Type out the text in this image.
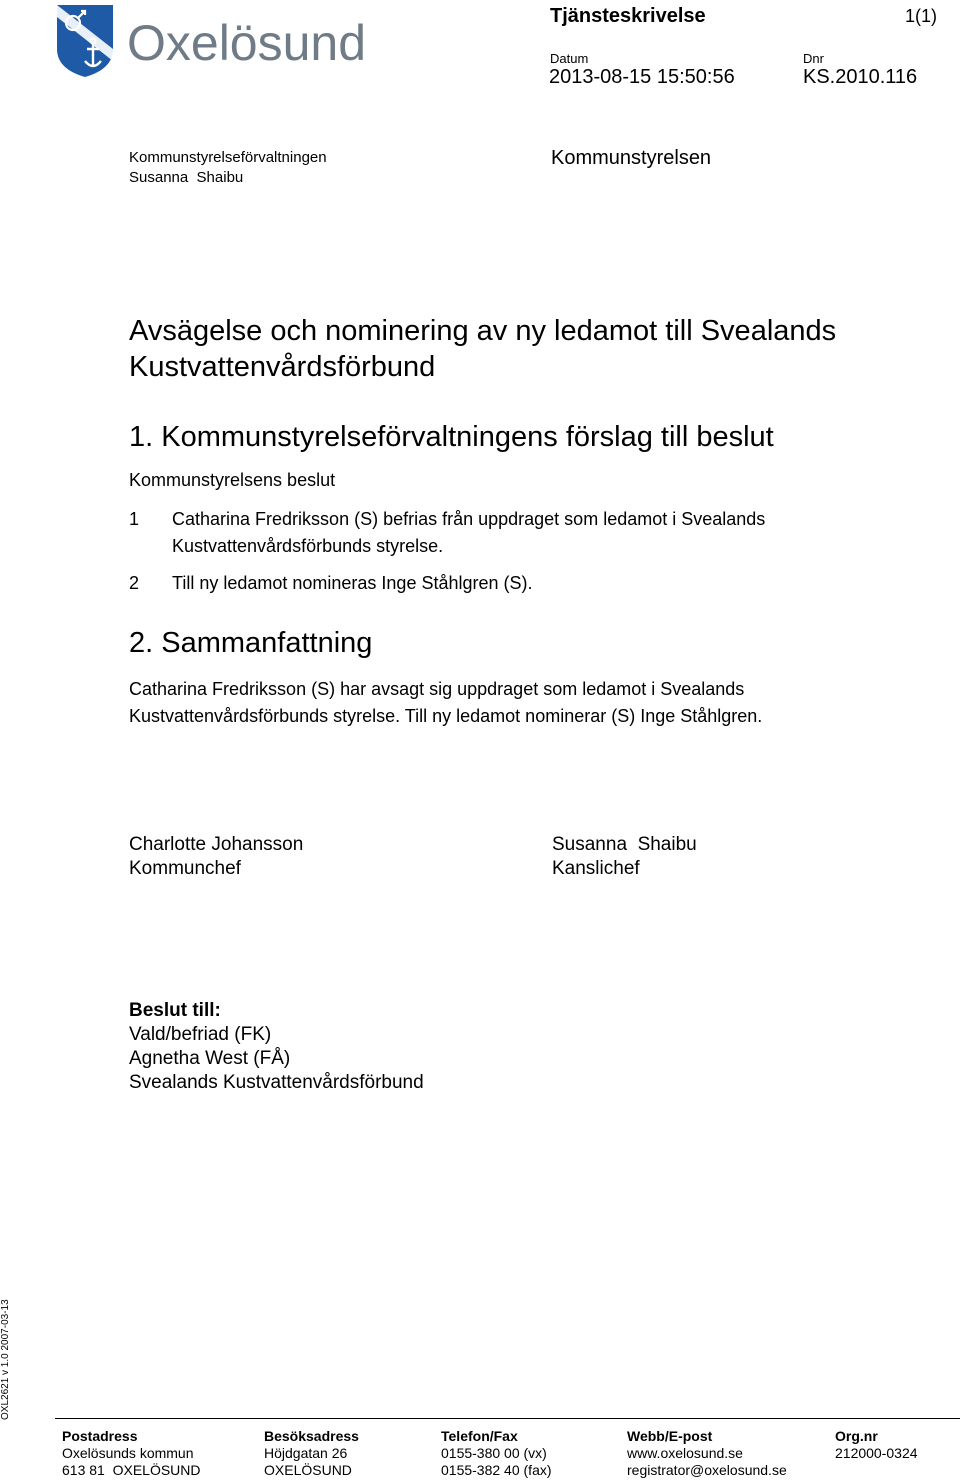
Oxelösund	Tjänsteskrivelse	1(1)
Datum
2013-08-15 15:50:56
Dnr
KS.2010.116
Kommunstyrelseförvaltningen
Susanna  Shaibu
Kommunstyrelsen
Avsägelse och nominering av ny ledamot till Svealands Kustvattenvårdsförbund
1. Kommunstyrelseförvaltningens förslag till beslut
Kommunstyrelsens beslut
1 Catharina Fredriksson (S) befrias från uppdraget som ledamot i Svealands Kustvattenvårdsförbunds styrelse.
2 Till ny ledamot nomineras Inge Ståhlgren (S).
2. Sammanfattning
Catharina Fredriksson (S) har avsagt sig uppdraget som ledamot i Svealands Kustvattenvårdsförbunds styrelse. Till ny ledamot nominerar (S) Inge Ståhlgren.
Charlotte Johansson
Kommunchef
Susanna  Shaibu
Kanslichef
Beslut till:
Vald/befriad (FK)
Agnetha West (FÅ)
Svealands Kustvattenvårdsförbund
OXL2621 v 1.0 2007-03-13
Postadress
Oxelösunds kommun
613 81  OXELÖSUND
Besöksadress
Höjdgatan 26
OXELÖSUND
Telefon/Fax
0155-380 00 (vx)
0155-382 40 (fax)
Webb/E-post
www.oxelosund.se
registrator@oxelosund.se
Org.nr
212000-0324
